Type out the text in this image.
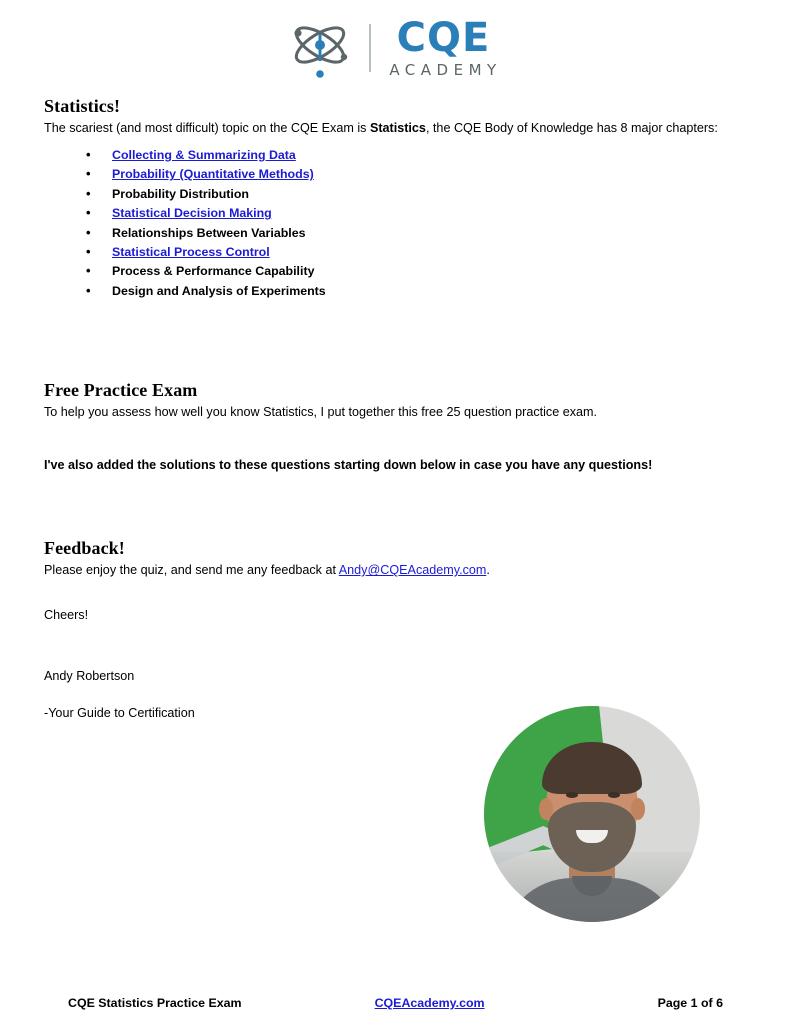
CQE
ACADEMY
Statistics!

The scariest (and most difficult) topic on the CQE Exam is Statistics, the CQE Body of Knowledge has 8 major chapters:

• Collecting & Summarizing Data
• Probability (Quantitative Methods)
• Probability Distribution
• Statistical Decision Making
• Relationships Between Variables
• Statistical Process Control
• Process & Performance Capability
• Design and Analysis of Experiments
Free Practice Exam

To help you assess how well you know Statistics, I put together this free 25 question practice exam.

I've also added the solutions to these questions starting down below in case you have any questions!

Feedback!

Please enjoy the quiz, and send me any feedback at Andy@CQEAcademy.com.

Cheers!

Andy Robertson

-Your Guide to Certification

CQE Statistics Practice Exam	CQEAcademy.com	Page 1 of 6
